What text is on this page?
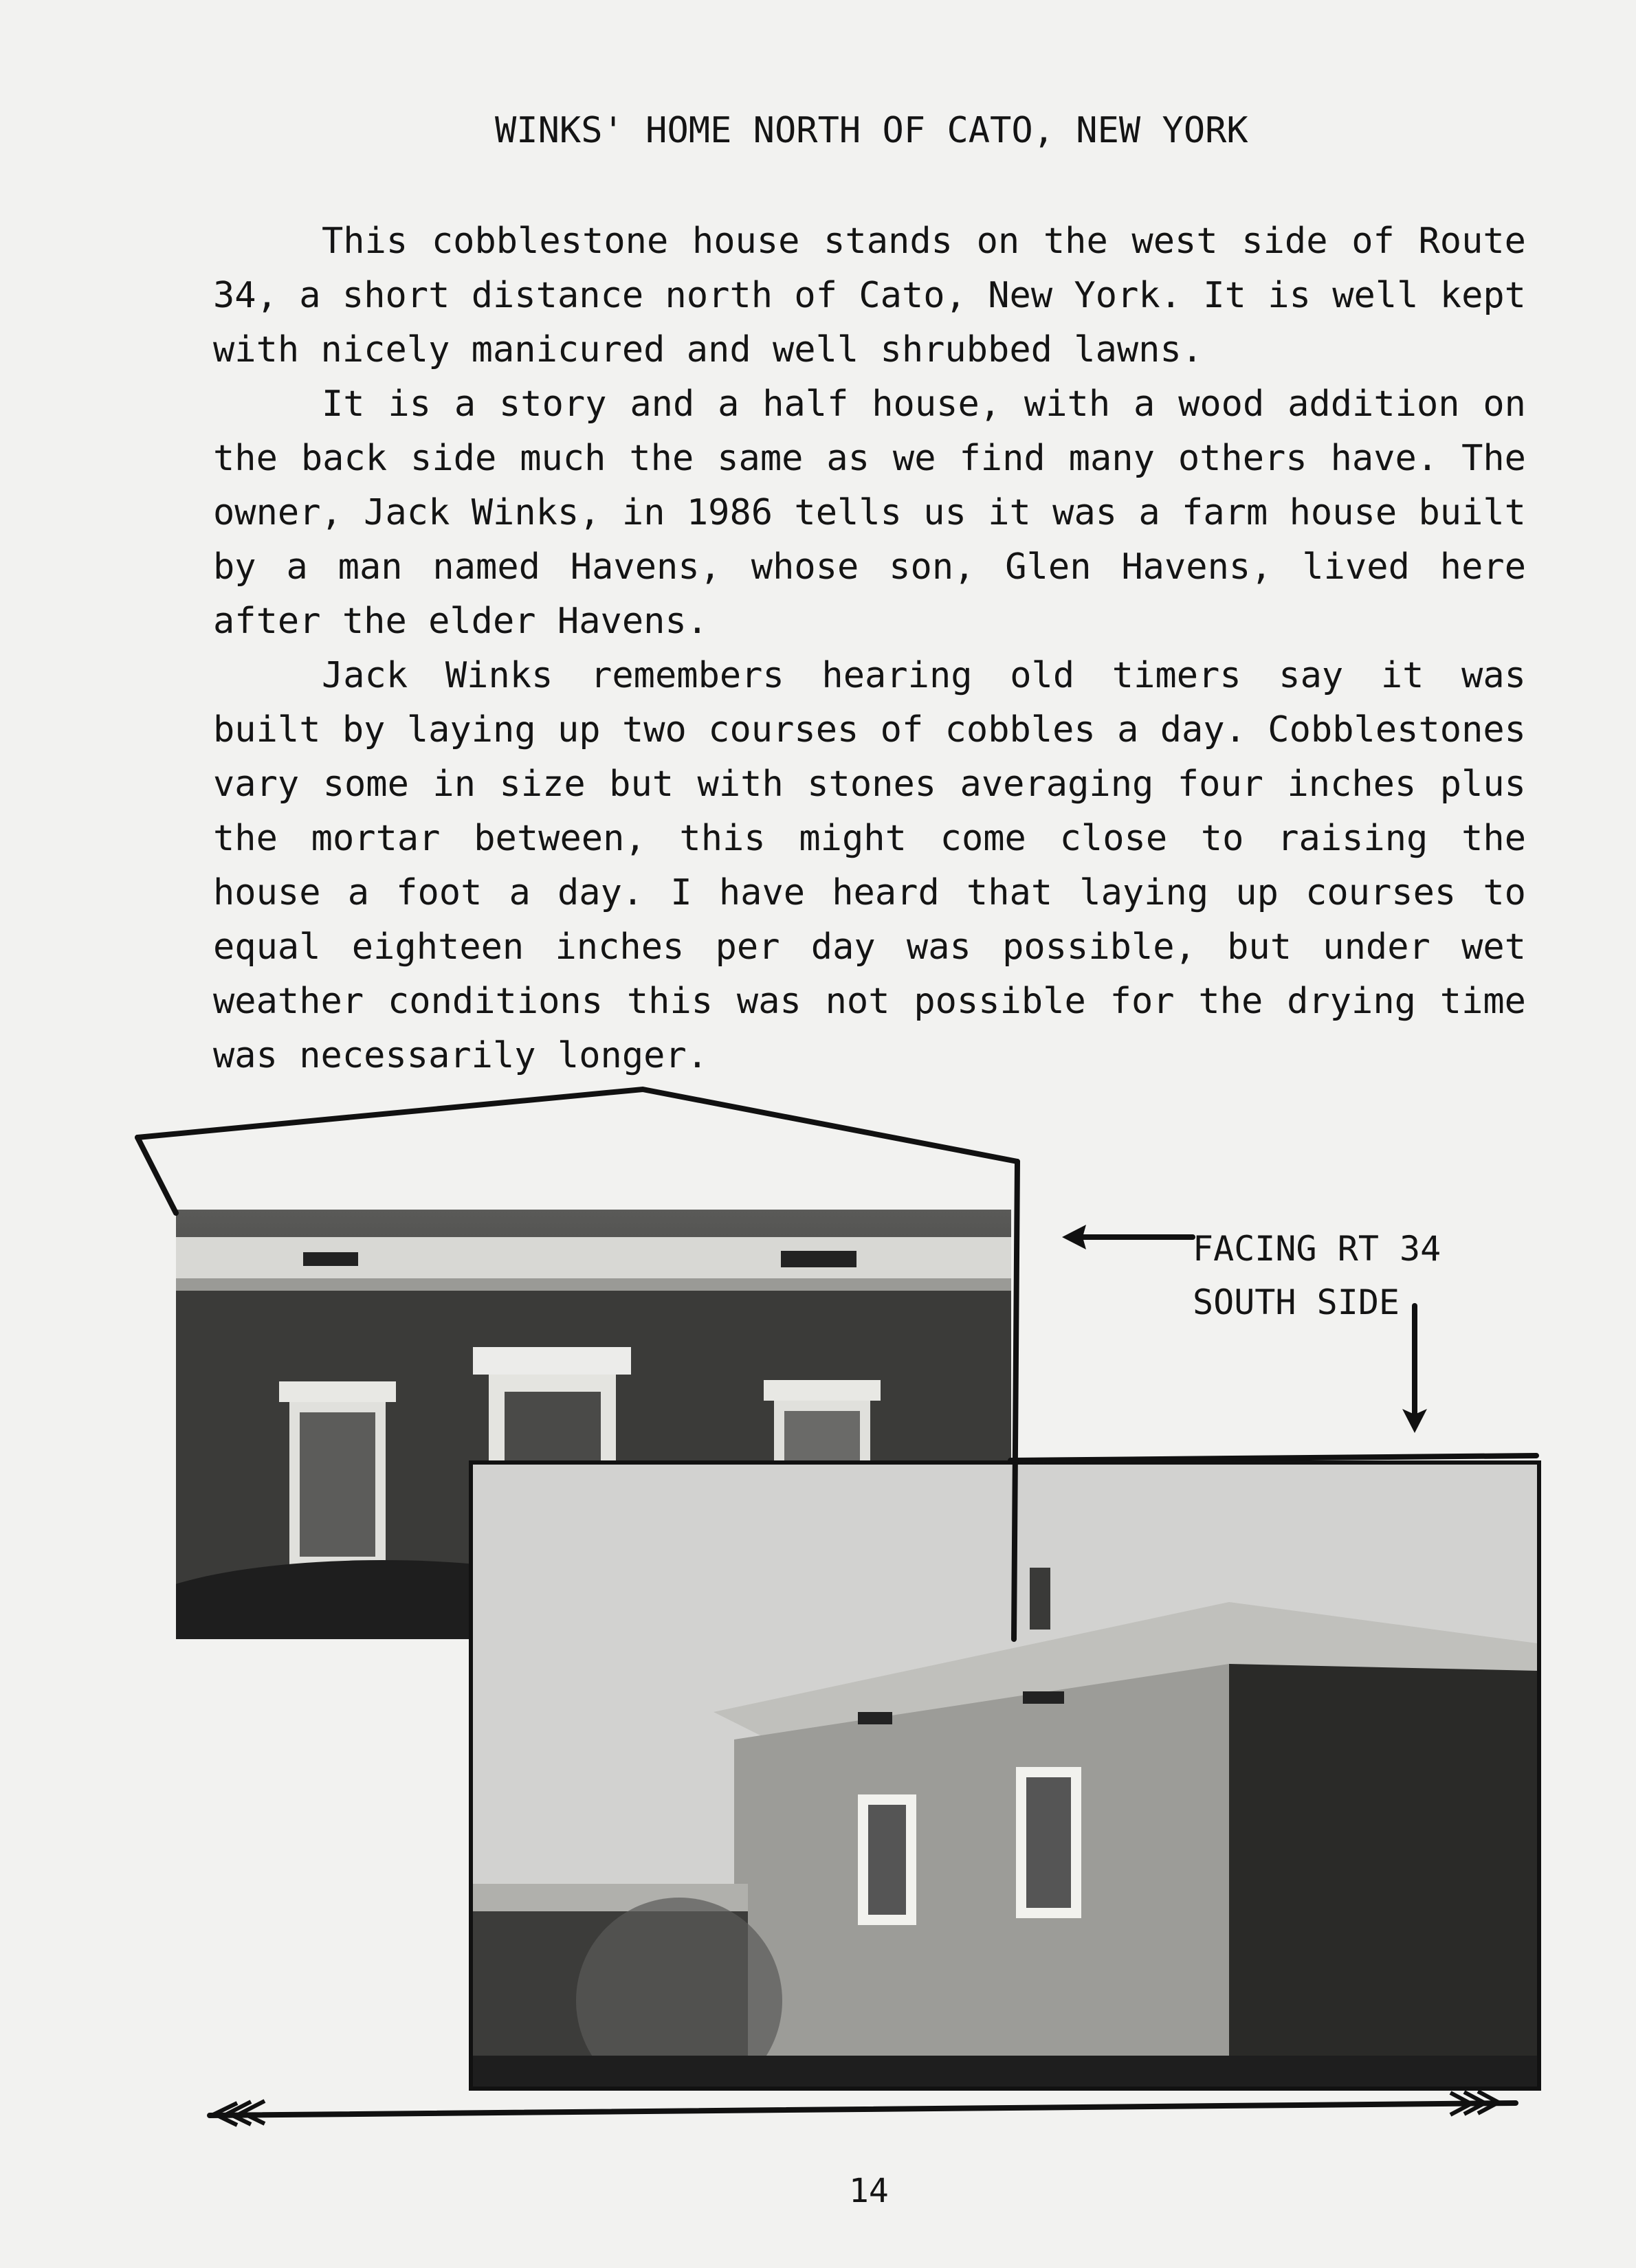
WINKS' HOME NORTH OF CATO, NEW YORK

This cobblestone house stands on the west side of Route 34, a short distance north of Cato, New York. It is well kept with nicely manicured and well shrubbed lawns.

It is a story and a half house, with a wood addition on the back side much the same as we find many others have. The owner, Jack Winks, in 1986 tells us it was a farm house built by a man named Havens, whose son, Glen Havens, lived here after the elder Havens.

Jack Winks remembers hearing old timers say it was built by laying up two courses of cobbles a day. Cobblestones vary some in size but with stones averaging four inches plus the mortar between, this might come close to raising the house a foot a day. I have heard that laying up courses to equal eighteen inches per day was possible, but under wet weather conditions this was not possible for the drying time was necessarily longer.

FACING RT 34
SOUTH SIDE
14
